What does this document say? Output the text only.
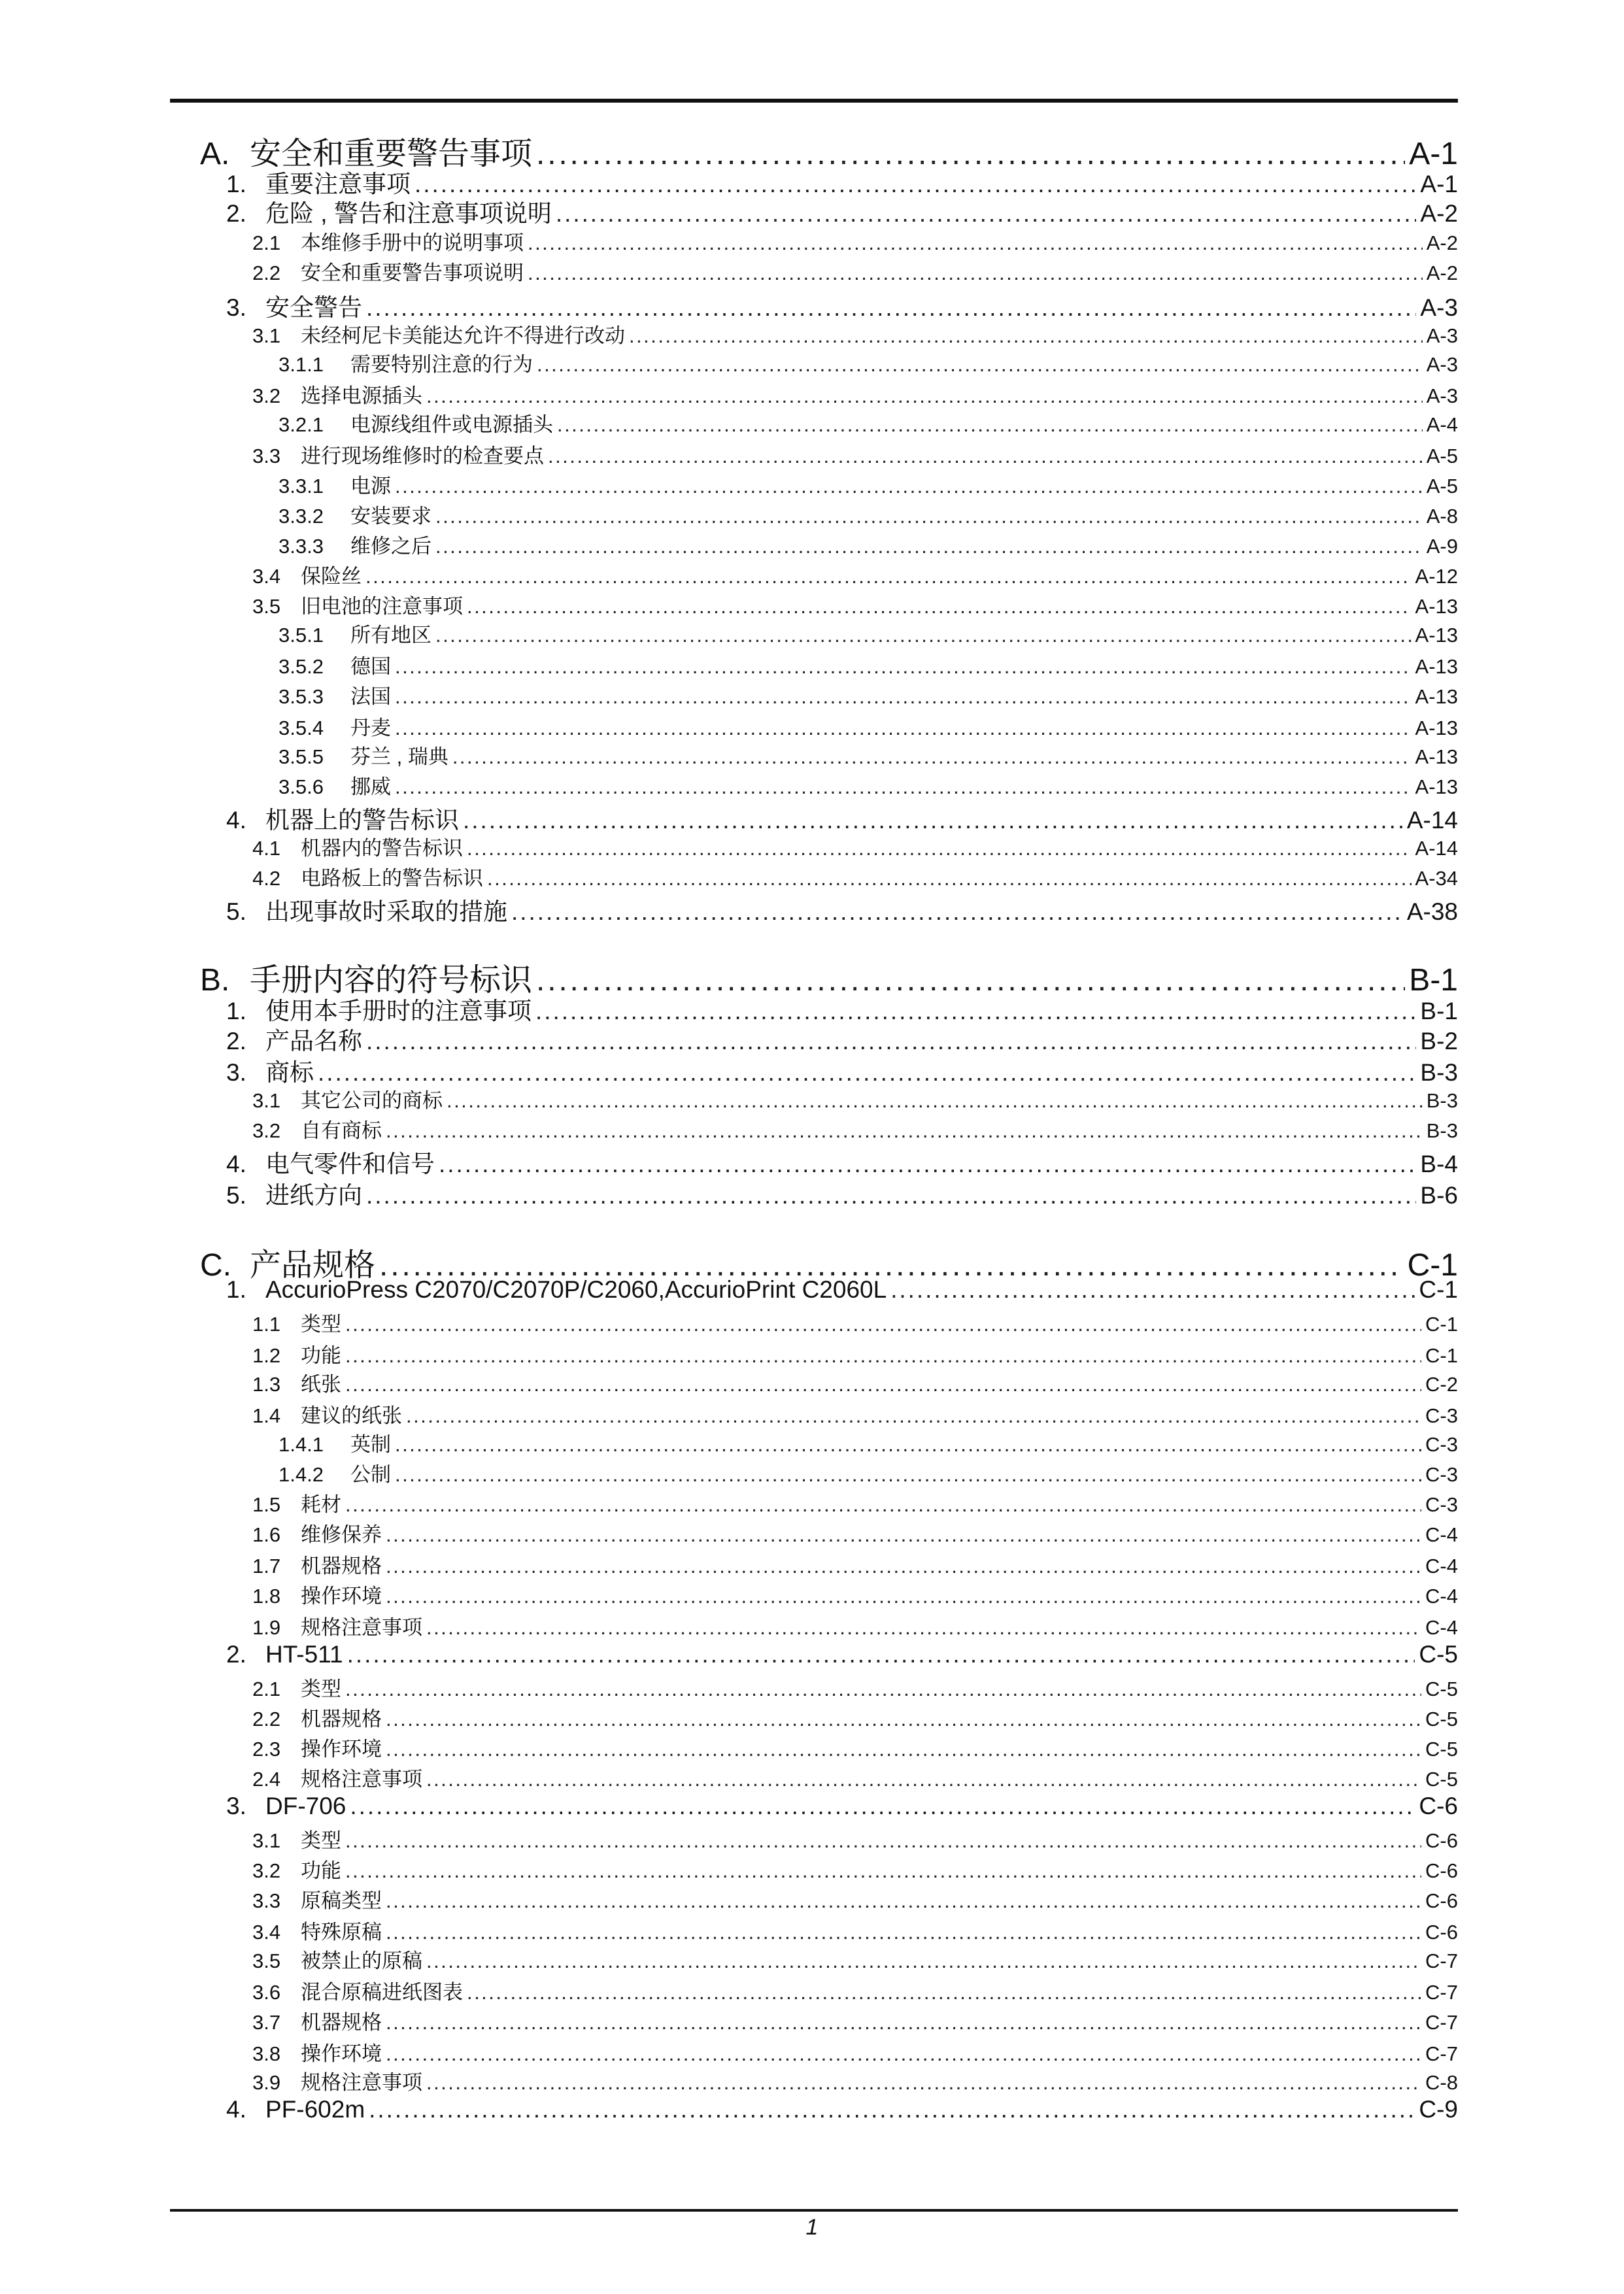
A. 安全和重要警告事项 .....	A-1
1. 重要注意事项 .....	A-1
2. 危险 , 警告和注意事项说明 .....	A-2
2.1 本维修手册中的说明事项 .....	A-2
2.2 安全和重要警告事项说明 .....	A-2
3. 安全警告 .....	A-3
3.1 未经柯尼卡美能达允许不得进行改动 .....	A-3
3.1.1	需要特别注意的行为 .....	A-3
3.2 选择电源插头 .....	A-3
3.2.1	电源线组件或电源插头 .....	A-4
3.3 进行现场维修时的检查要点 .....	A-5
3.3.1	电源 .....	A-5
3.3.2	安装要求 .....	A-8
3.3.3	维修之后 .....	A-9
3.4 保险丝 .....	A-12
3.5 旧电池的注意事项 .....	A-13
3.5.1	所有地区 .....	A-13
3.5.2	德国 .....	A-13
3.5.3	法国 .....	A-13
3.5.4	丹麦 .....	A-13
3.5.5	芬兰 , 瑞典 .....	A-13
3.5.6	挪威 .....	A-13
4. 机器上的警告标识 .....	A-14
4.1 机器内的警告标识 .....	A-14
4.2 电路板上的警告标识 .....	A-34
5. 出现事故时采取的措施 .....	A-38
B. 手册内容的符号标识 .....	B-1
1. 使用本手册时的注意事项 .....	B-1
2. 产品名称 .....	B-2
3. 商标 .....	B-3
3.1 其它公司的商标 .....	B-3
3.2 自有商标 .....	B-3
4. 电气零件和信号 .....	B-4
5. 进纸方向 .....	B-6
C. 产品规格 .....	C-1
1. AccurioPress C2070/C2070P/C2060,AccurioPrint C2060L .....	C-1
1.1 类型 .....	C-1
1.2 功能 .....	C-1
1.3 纸张 .....	C-2
1.4 建议的纸张 .....	C-3
1.4.1	英制 .....	C-3
1.4.2	公制 .....	C-3
1.5 耗材 .....	C-3
1.6 维修保养 .....	C-4
1.7 机器规格 .....	C-4
1.8 操作环境 .....	C-4
1.9 规格注意事项 .....	C-4
2. HT-511 .....	C-5
2.1 类型 .....	C-5
2.2 机器规格 .....	C-5
2.3 操作环境 .....	C-5
2.4 规格注意事项 .....	C-5
3. DF-706 .....	C-6
3.1 类型 .....	C-6
3.2 功能 .....	C-6
3.3 原稿类型 .....	C-6
3.4 特殊原稿 .....	C-6
3.5 被禁止的原稿 .....	C-7
3.6 混合原稿进纸图表 .....	C-7
3.7 机器规格 .....	C-7
3.8 操作环境 .....	C-7
3.9 规格注意事项 .....	C-8
4. PF-602m .....	C-9
1
